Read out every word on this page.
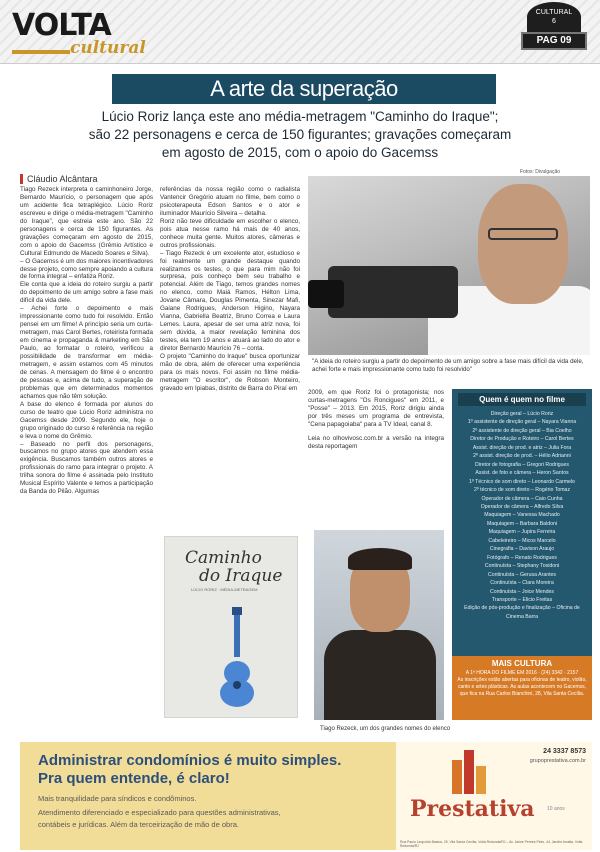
VOLTA
cultural
CULTURAL
6
PAG 09
A arte da superação
Lúcio Roriz lança este ano média-metragem "Caminho do Iraque";
são 22 personagens e cerca de 150 figurantes; gravações começaram
em agosto de 2015, com o apoio do Gacemss
Cláudio Alcântara

Tiago Rezeck interpreta o caminhoneiro Jorge, Bernardo Maurício, o personagem que após um acidente fica tetraplégico. Lúcio Roriz escreveu e dirige o média-metragem "Caminho do Iraque", que estreia este ano. São 22 personagens e cerca de 150 figurantes. As gravações começaram em agosto de 2015, com o apoio do Gacemss (Grêmio Artístico e Cultural Edmundo de Macedo Soares e Silva).

– O Gacemss é um dos maiores incentivadores desse projeto, como sempre apoiando a cultura de forma integral – enfatiza Roriz.

Ele conta que a ideia do roteiro surgiu a partir do depoimento de um amigo sobre a fase mais difícil da vida dele.

– Achei forte o depoimento e mais impressionante como tudo foi resolvido. Então pensei em um filme! A princípio seria um curta-metragem, mas Carol Bertes, roteirista formada em cinema e propaganda & marketing em São Paulo, ao formatar o roteiro, verificou a possibilidade de transformar em média-metragem, e assim estamos com 45 minutos de cenas. A mensagem do filme é o encontro de pessoas e, acima de tudo, a superação de problemas que em determinados momentos achamos que não têm solução.

A base do elenco é formada por alunos do curso de teatro que Lúcio Roriz administra no Gacemss desde 2009. Segundo ele, hoje o grupo originado do curso é referência na região e leva o nome do Grêmio.

– Baseado no perfil dos personagens, buscamos no grupo atores que atendem essa exigência. Buscamos também outros atores e profissionais do ramo para integrar o projeto. A trilha sonora do filme é assinada pelo Instituto Musical Espírito Valente e temos a participação da Banda do Pilão. Algumas

referências da nossa região como o radialista Vantencir Gregório atuam no filme, bem como o psicoterapeuta Edson Santos e o ator e iluminador Maurício Silveira – detalha.

Roriz não teve dificuldade em escolher o elenco, pois atua nesse ramo há mais de 40 anos, conhece muita gente. Muitos atores, câmeras e outros profissionais.

– Tiago Rezeck é um excelente ator, estudioso e foi realmente um grande destaque quando realizamos os testes, o que para mim não foi surpresa, pois conheço bem seu trabalho e potencial. Além de Tiago, temos grandes nomes no elenco, como Maiá Ramos, Hélton Lima, Jovane Câmara, Douglas Pimenta, Sinezar Mafi, Gaiane Rodrigues, Anderson Higino, Nayara Vianna, Gabriella Beatriz, Bruno Correa e Laura Lemes. Laura, apesar de ser uma atriz nova, foi sem dúvida, a maior revelação feminina dos testes, ela tem 19 anos e atuará ao lado do ator e diretor Bernardo Maurício 76 – conta.

O projeto "Caminho do Iraque" busca oportunizar mão de obra, além de oferecer uma experiência para os mais novos. Foi assim no filme média-metragem "O escritor", de Robson Monteiro, gravado em Ipiabas, distrito de Barra do Piraí em

Fotos: Divulgação
"A ideia do roteiro surgiu a partir do depoimento de um amigo sobre a fase mais difícil da vida dele, achei forte e mais impressionante como tudo foi resolvido"

2009, em que Roriz foi o protagonista; nos curtas-metragens "Os Roncigues" em 2011, e "Posse" – 2013. Em 2015, Roriz dirigiu ainda por três meses um programa de entrevista, "Cena papagoiaba" para a TV Ideal, canal 8.

Leia no olhovivosc.com.br a versão na íntegra desta reportagem

Quem é quem no filme
Direção geral – Lúcio Roriz
1º assistente de direção geral – Nayara Vianna
2º assistente de direção geral – Bia Coelho
Diretor de Produção e Roteiro – Carol Bertes
Assist. direção de prod. e atriz – Julia Fora
2º assist. direção de prod. – Hélio Adrianni
Diretor de fotografia – Gregori Rodrigues
Assist. de foto e câmera – Heron Santos
1º Técnico de som direto – Leonardo Carmelo
2º técnico de som direto – Rogério Tomaz
Operador de câmera – Caio Cunha
Operador de câmera – Alfredo Silva
Maquiagem – Vanessa Machado
Maquiagem – Barbara Baldoni
Maquiagem – Jupira Ferreira
Cabeleireiro – Micos Marcelo
Cinegrafia – Davison Araujo
Fotógrafo – Renato Rodrigues
Continuísta – Stephany Tosidoni
Continuísta – Gerusa Arantes
Continuísta – Clara Moreira
Continuísta – Joice Mendes
Transporte – Elicio Freitas
Edição de pós-produção e finalização – Oficina de Cinema Barra
MAIS CULTURA
A 1ª HORA DO FILME EM 2016 · (24) 3342 · 2157
As inscrições estão abertas para oficinas de teatro, violão, canto e artes plásticas. As aulas acontecem no Gacemss, que fica na Rua Carlos Bianchini, 28, Vila Santa Cecília.
Caminho
do Iraque
LÚCIO RORIZ · MÉDIA-METRAGEM
Tiago Rezeck, um dos grandes nomes do elenco
Administrar condomínios é muito simples.
Pra quem entende, é claro!
Mais tranquilidade para síndicos e condôminos.
Atendimento diferenciado e especializado para questões administrativas,
contábeis e jurídicas. Além da terceirização de mão de obra.
24 3337 8573
grupoprestativa.com.br
Prestativa	10 anos
Rua Paulo Leopoldo Bastos, 25, Vila Santa Cecília, Volta Redonda/RJ – Av. Jaime Pereira Pinto, 44, Jardim Amália, Volta Redonda/RJ
